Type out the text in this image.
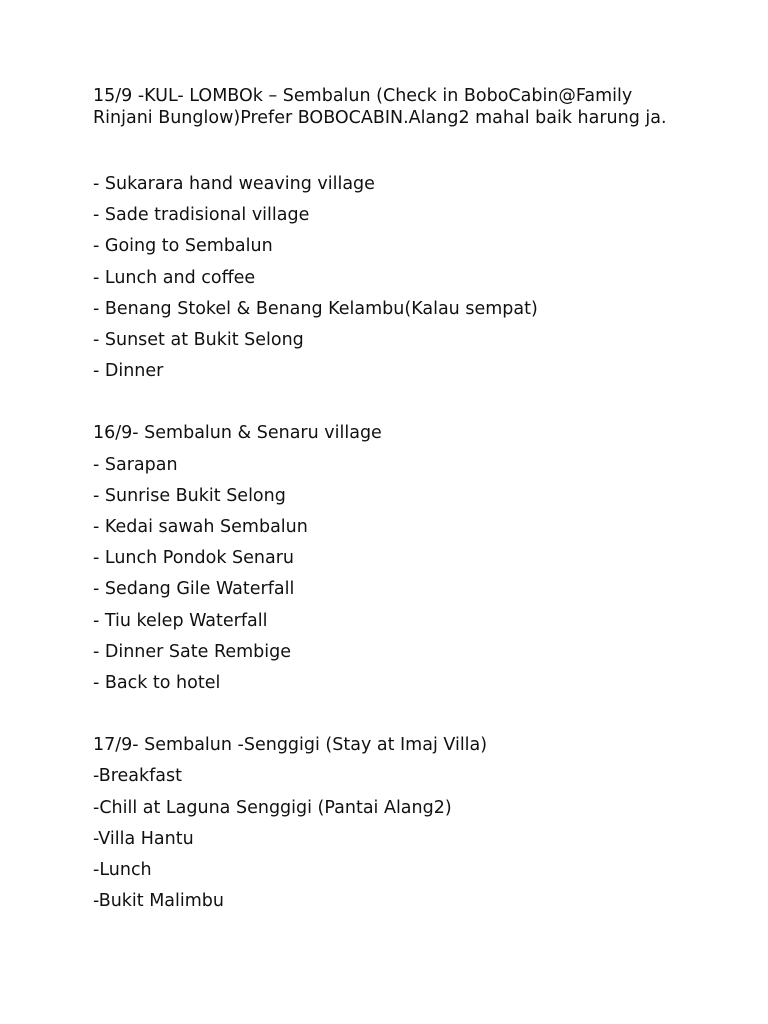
15/9 -KUL- LOMBOk – Sembalun (Check in BoboCabin@Family Rinjani Bunglow)Prefer BOBOCABIN.Alang2 mahal baik harung ja.

- Sukarara hand weaving village

- Sade tradisional village

- Going to Sembalun

- Lunch and coffee

- Benang Stokel & Benang Kelambu(Kalau sempat)

- Sunset at Bukit Selong

- Dinner

16/9- Sembalun & Senaru village

- Sarapan

- Sunrise Bukit Selong

- Kedai sawah Sembalun

- Lunch Pondok Senaru

- Sedang Gile Waterfall

- Tiu kelep Waterfall

- Dinner Sate Rembige

- Back to hotel

17/9- Sembalun -Senggigi (Stay at Imaj Villa)

-Breakfast

-Chill at Laguna Senggigi (Pantai Alang2)

-Villa Hantu

-Lunch

-Bukit Malimbu
